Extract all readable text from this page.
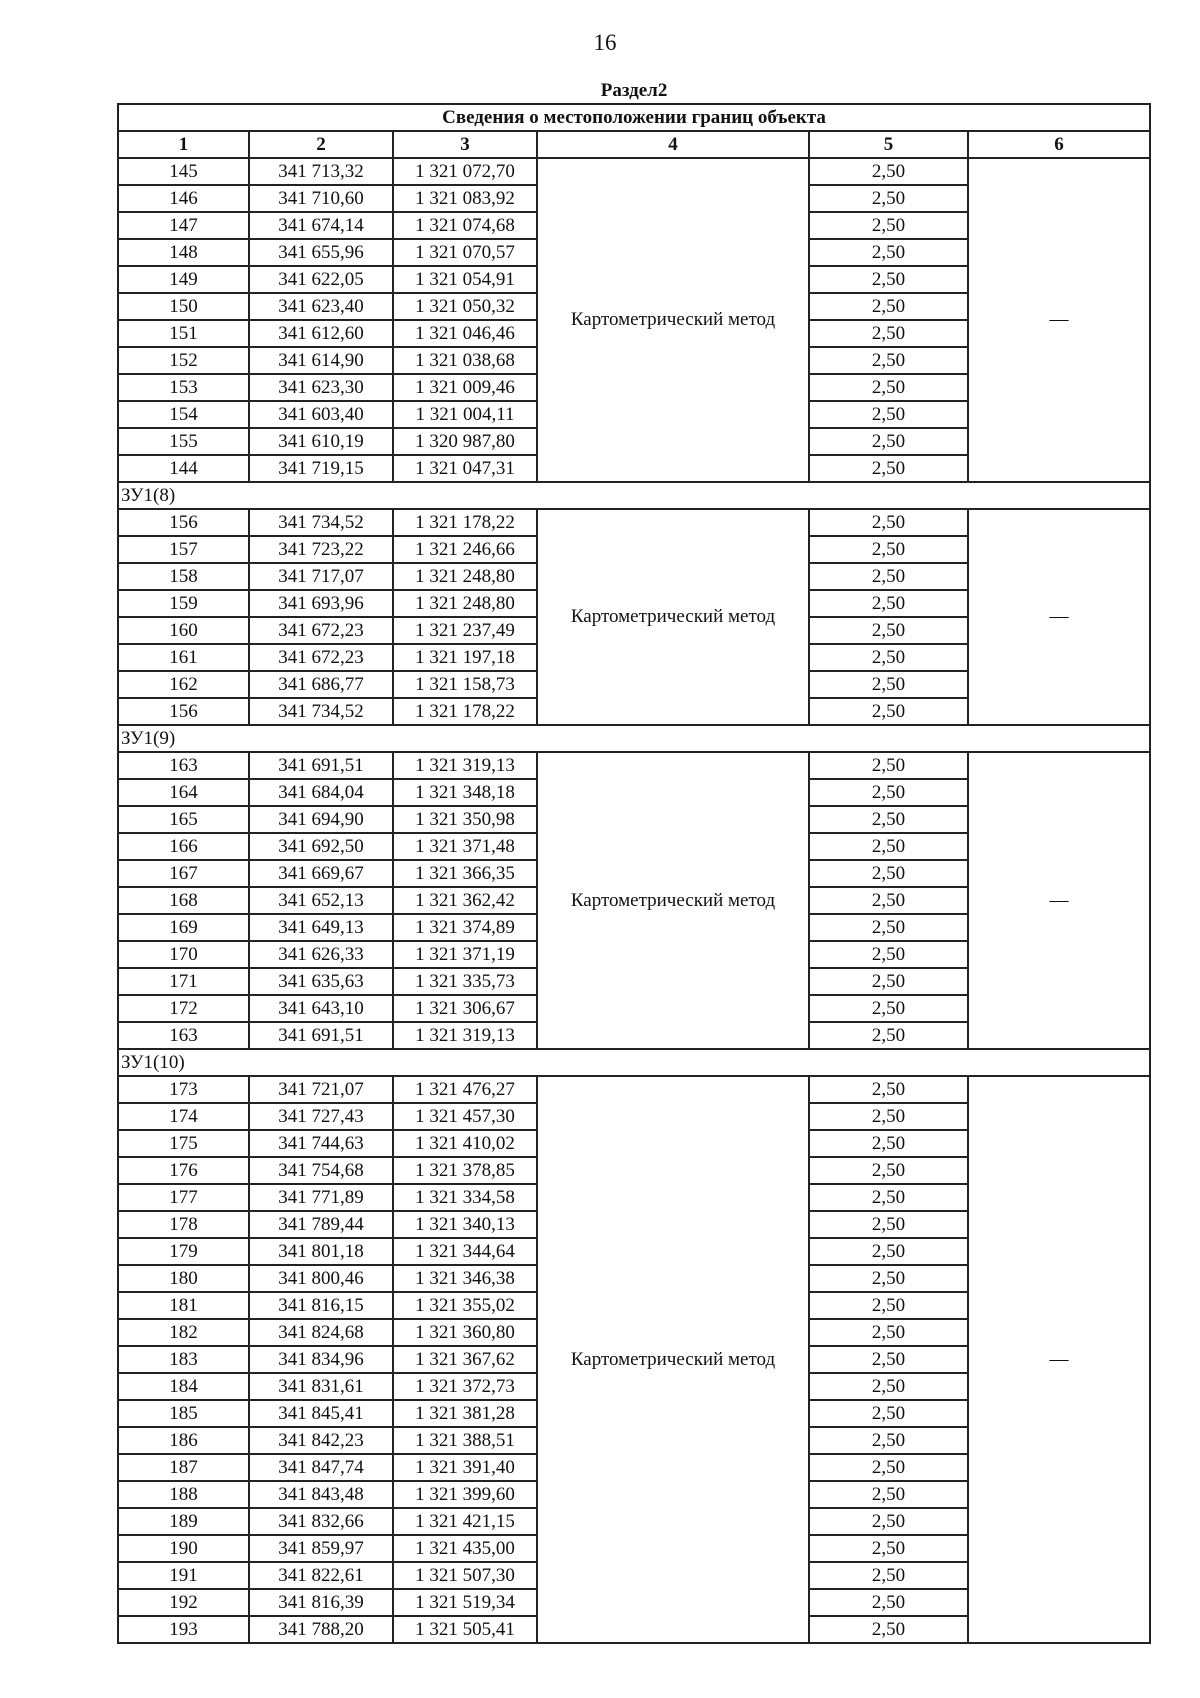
16
Раздел2					
Сведения о местоположении границ объекта					
1	2	3	4	5	6
145	341 713,32	1 321 072,70	Картометрический метод	2,50	—
146	341 710,60	1 321 083,92		2,50	
147	341 674,14	1 321 074,68		2,50	
148	341 655,96	1 321 070,57		2,50	
149	341 622,05	1 321 054,91		2,50	
150	341 623,40	1 321 050,32		2,50	
151	341 612,60	1 321 046,46		2,50	
152	341 614,90	1 321 038,68		2,50	
153	341 623,30	1 321 009,46		2,50	
154	341 603,40	1 321 004,11		2,50	
155	341 610,19	1 320 987,80		2,50	
144	341 719,15	1 321 047,31		2,50	
ЗУ1(8)					
156	341 734,52	1 321 178,22	Картометрический метод	2,50	—
157	341 723,22	1 321 246,66		2,50	
158	341 717,07	1 321 248,80		2,50	
159	341 693,96	1 321 248,80		2,50	
160	341 672,23	1 321 237,49		2,50	
161	341 672,23	1 321 197,18		2,50	
162	341 686,77	1 321 158,73		2,50	
156	341 734,52	1 321 178,22		2,50	
ЗУ1(9)					
163	341 691,51	1 321 319,13	Картометрический метод	2,50	—
164	341 684,04	1 321 348,18		2,50	
165	341 694,90	1 321 350,98		2,50	
166	341 692,50	1 321 371,48		2,50	
167	341 669,67	1 321 366,35		2,50	
168	341 652,13	1 321 362,42		2,50	
169	341 649,13	1 321 374,89		2,50	
170	341 626,33	1 321 371,19		2,50	
171	341 635,63	1 321 335,73		2,50	
172	341 643,10	1 321 306,67		2,50	
163	341 691,51	1 321 319,13		2,50	
ЗУ1(10)					
173	341 721,07	1 321 476,27	Картометрический метод	2,50	—
174	341 727,43	1 321 457,30		2,50	
175	341 744,63	1 321 410,02		2,50	
176	341 754,68	1 321 378,85		2,50	
177	341 771,89	1 321 334,58		2,50	
178	341 789,44	1 321 340,13		2,50	
179	341 801,18	1 321 344,64		2,50	
180	341 800,46	1 321 346,38		2,50	
181	341 816,15	1 321 355,02		2,50	
182	341 824,68	1 321 360,80		2,50	
183	341 834,96	1 321 367,62		2,50	
184	341 831,61	1 321 372,73		2,50	
185	341 845,41	1 321 381,28		2,50	
186	341 842,23	1 321 388,51		2,50	
187	341 847,74	1 321 391,40		2,50	
188	341 843,48	1 321 399,60		2,50	
189	341 832,66	1 321 421,15		2,50	
190	341 859,97	1 321 435,00		2,50	
191	341 822,61	1 321 507,30		2,50	
192	341 816,39	1 321 519,34		2,50	
193	341 788,20	1 321 505,41		2,50	
